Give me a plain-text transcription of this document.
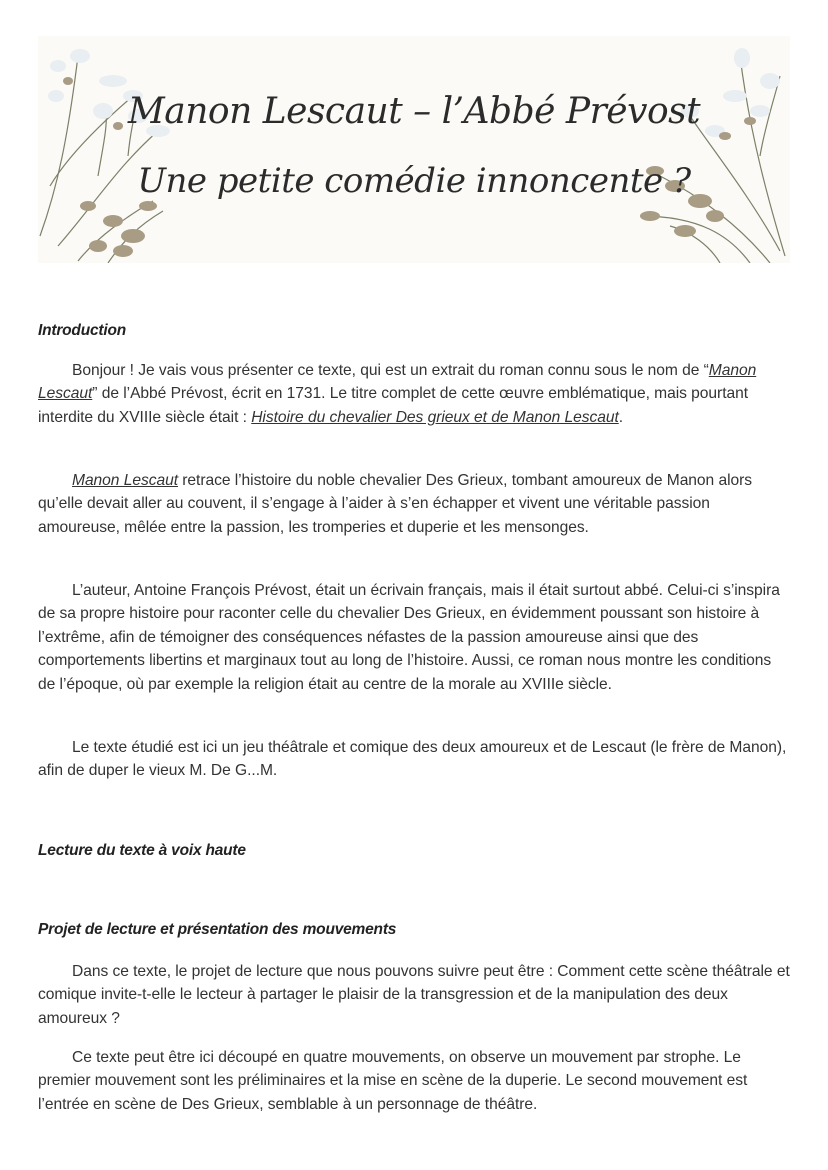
Manon Lescaut – l’Abbé Prévost
Une petite comédie innoncente ?
Introduction

Bonjour ! Je vais vous présenter ce texte, qui est un extrait du roman connu sous le nom de “Manon Lescaut” de l’Abbé Prévost, écrit en 1731. Le titre complet de cette œuvre emblématique, mais pourtant interdite du XVIIIe siècle était : Histoire du chevalier Des grieux et de Manon Lescaut.

Manon Lescaut retrace l’histoire du noble chevalier Des Grieux, tombant amoureux de Manon alors qu’elle devait aller au couvent, il s’engage à l’aider à s’en échapper et vivent une véritable passion amoureuse, mêlée entre la passion, les tromperies et duperie et les mensonges.

L’auteur, Antoine François Prévost, était un écrivain français, mais il était surtout abbé. Celui-ci s’inspira de sa propre histoire pour raconter celle du chevalier Des Grieux, en évidemment poussant son histoire à l’extrême, afin de témoigner des conséquences néfastes de la passion amoureuse ainsi que des comportements libertins et marginaux tout au long de l’histoire. Aussi, ce roman nous montre les conditions de l’époque, où par exemple la religion était au centre de la morale au XVIIIe siècle.

Le texte étudié est ici un jeu théâtrale et comique des deux amoureux et de Lescaut (le frère de Manon), afin de duper le vieux M. De G...M.

Lecture du texte à voix haute
Projet de lecture et présentation des mouvements

Dans ce texte, le projet de lecture que nous pouvons suivre peut être : Comment cette scène théâtrale et comique invite-t-elle le lecteur à partager le plaisir de la transgression et de la manipulation des deux amoureux ?

Ce texte peut être ici découpé en quatre mouvements, on observe un mouvement par strophe. Le premier mouvement sont les préliminaires et la mise en scène de la duperie. Le second mouvement est l’entrée en scène de Des Grieux, semblable à un personnage de théâtre.
